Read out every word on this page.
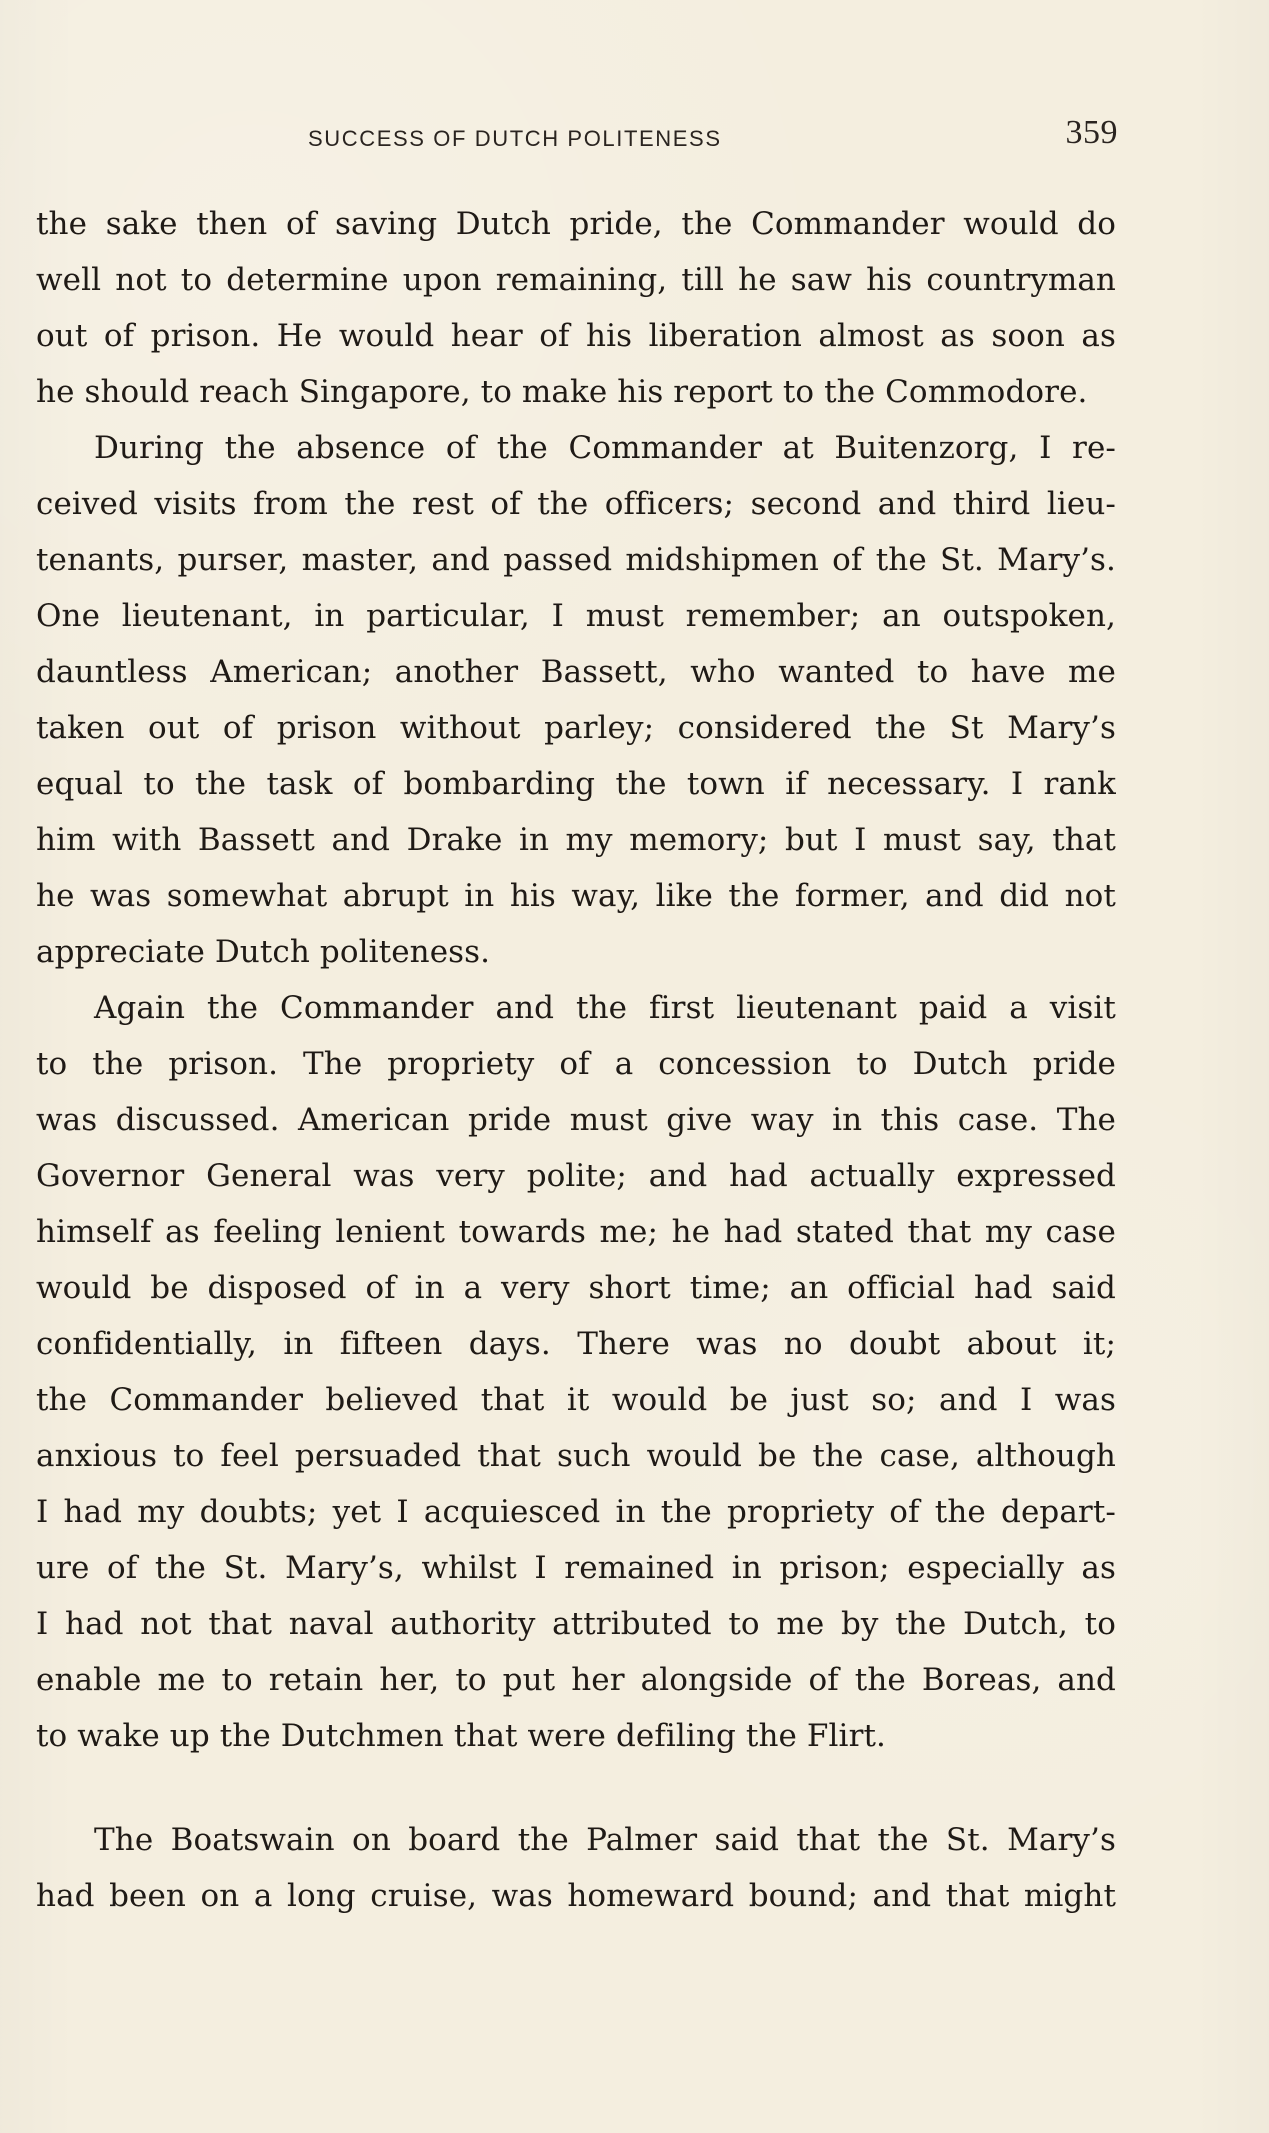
SUCCESS OF DUTCH POLITENESS	359
the sake then of saving Dutch pride, the Commander would do
well not to determine upon remaining, till he saw his countryman
out of prison. He would hear of his liberation almost as soon as
he should reach Singapore, to make his report to the Commodore.
During the absence of the Commander at Buitenzorg, I re-
ceived visits from the rest of the officers; second and third lieu-
tenants, purser, master, and passed midshipmen of the St. Mary’s.
One lieutenant, in particular, I must remember; an outspoken,
dauntless American; another Bassett, who wanted to have me
taken out of prison without parley; considered the St Mary’s
equal to the task of bombarding the town if necessary. I rank
him with Bassett and Drake in my memory; but I must say, that
he was somewhat abrupt in his way, like the former, and did not
appreciate Dutch politeness.
Again the Commander and the first lieutenant paid a visit
to the prison. The propriety of a concession to Dutch pride
was discussed. American pride must give way in this case. The
Governor General was very polite; and had actually expressed
himself as feeling lenient towards me; he had stated that my case
would be disposed of in a very short time; an official had said
confidentially, in fifteen days. There was no doubt about it;
the Commander believed that it would be just so; and I was
anxious to feel persuaded that such would be the case, although
I had my doubts; yet I acquiesced in the propriety of the depart-
ure of the St. Mary’s, whilst I remained in prison; especially as
I had not that naval authority attributed to me by the Dutch, to
enable me to retain her, to put her alongside of the Boreas, and
to wake up the Dutchmen that were defiling the Flirt.
The Boatswain on board the Palmer said that the St. Mary’s
had been on a long cruise, was homeward bound; and that might
